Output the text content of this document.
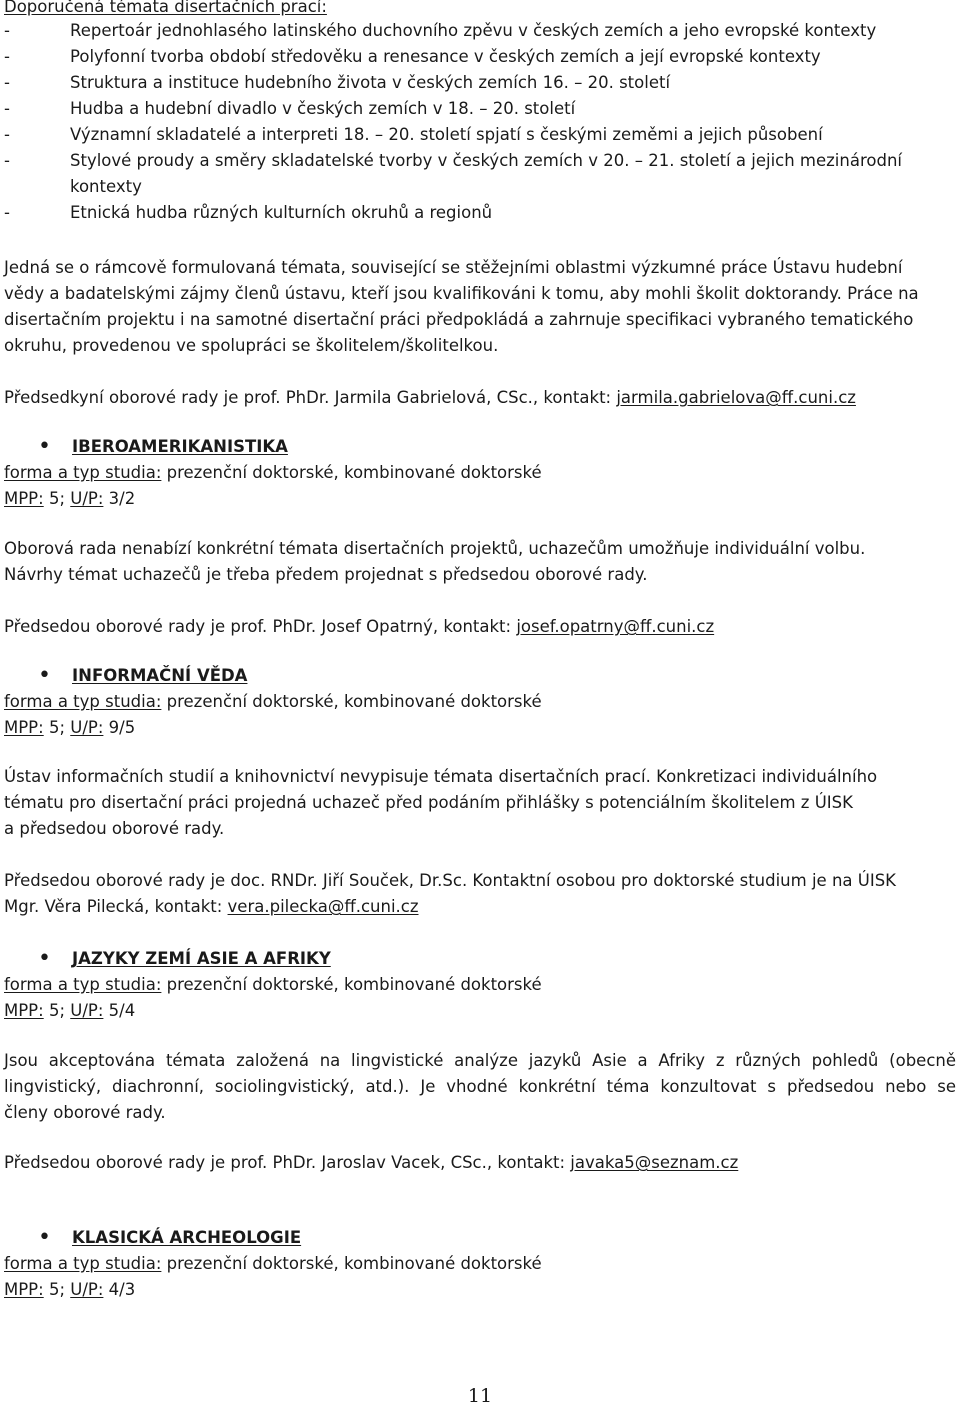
Doporučená témata disertačních prací:
-	Repertoár jednohlasého latinského duchovního zpěvu v českých zemích a jeho evropské kontexty
-	Polyfonní tvorba období středověku a renesance v českých zemích a její evropské kontexty
-	Struktura a instituce hudebního života v českých zemích 16. – 20. století
-	Hudba a hudební divadlo v českých zemích v 18. – 20. století
-	Významní skladatelé a interpreti 18. – 20. století spjatí s českými zeměmi a jejich působení
-	Stylové proudy a směry skladatelské tvorby v českých zemích v 20. – 21. století a jejich mezinárodní
kontexty
-	Etnická hudba různých kulturních okruhů a regionů
Jedná se o rámcově formulovaná témata, související se stěžejními oblastmi výzkumné práce Ústavu hudební
vědy a badatelskými zájmy členů ústavu, kteří jsou kvalifikováni k tomu, aby mohli školit doktorandy. Práce na
disertačním projektu i na samotné disertační práci předpokládá a zahrnuje specifikaci vybraného tematického
okruhu, provedenou ve spolupráci se školitelem/školitelkou.
Předsedkyní oborové rady je prof. PhDr. Jarmila Gabrielová, CSc., kontakt: jarmila.gabrielova@ff.cuni.cz
• IBEROAMERIKANISTIKA
forma a typ studia: prezenční doktorské, kombinované doktorské
MPP: 5; U/P: 3/2
Oborová rada nenabízí konkrétní témata disertačních projektů, uchazečům umožňuje individuální volbu.
Návrhy témat uchazečů je třeba předem projednat s předsedou oborové rady.
Předsedou oborové rady je prof. PhDr. Josef Opatrný, kontakt: josef.opatrny@ff.cuni.cz
• INFORMAČNÍ VĚDA
forma a typ studia: prezenční doktorské, kombinované doktorské
MPP: 5; U/P: 9/5
Ústav informačních studií a knihovnictví nevypisuje témata disertačních prací. Konkretizaci individuálního
tématu pro disertační práci projedná uchazeč před podáním přihlášky s potenciálním školitelem z ÚISK
a předsedou oborové rady.
Předsedou oborové rady je doc. RNDr. Jiří Souček, Dr.Sc. Kontaktní osobou pro doktorské studium je na ÚISK
Mgr. Věra Pilecká, kontakt: vera.pilecka@ff.cuni.cz
• JAZYKY ZEMÍ ASIE A AFRIKY
forma a typ studia: prezenční doktorské, kombinované doktorské
MPP: 5; U/P: 5/4
Jsou akceptována témata založená na lingvistické analýze jazyků Asie a Afriky z různých pohledů (obecně
lingvistický, diachronní, sociolingvistický, atd.). Je vhodné konkrétní téma konzultovat s předsedou nebo se
členy oborové rady.
Předsedou oborové rady je prof. PhDr. Jaroslav Vacek, CSc., kontakt: javaka5@seznam.cz
• KLASICKÁ ARCHEOLOGIE
forma a typ studia: prezenční doktorské, kombinované doktorské
MPP: 5; U/P: 4/3
11
